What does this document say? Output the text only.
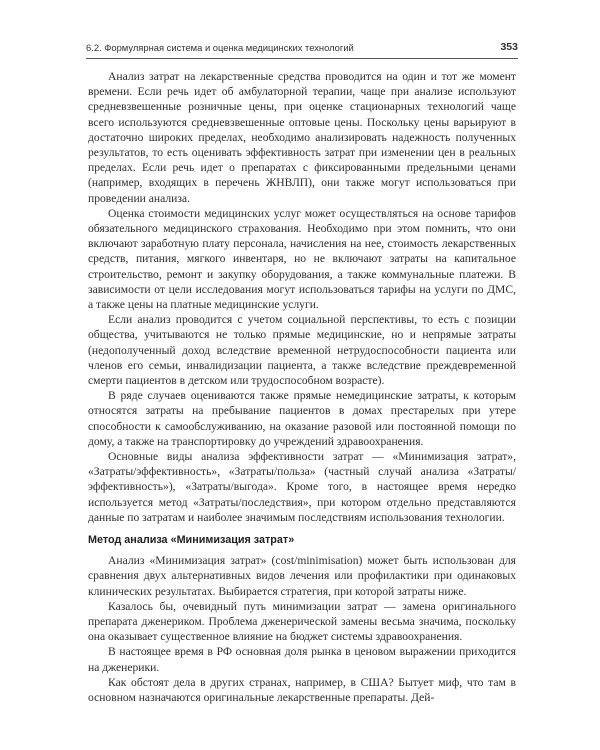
6.2. Формулярная система и оценка медицинских технологий	353

Анализ затрат на лекарственные средства проводится на один и тот же момент времени. Если речь идет об амбулаторной терапии, чаще при анализе используют средневзвешенные розничные цены, при оценке стационарных технологий чаще всего используются средневзвешенные оптовые цены. Поскольку цены варьируют в достаточно широких пределах, необходимо анализировать надежность полученных результатов, то есть оценивать эффективность затрат при изменении цен в реальных пределах. Если речь идет о препаратах с фиксированными предельными ценами (например, входящих в перечень ЖНВЛП), они также могут использоваться при проведении анализа.

Оценка стоимости медицинских услуг может осуществляться на основе тарифов обязательного медицинского страхования. Необходимо при этом помнить, что они включают заработную плату персонала, начисления на нее, стоимость лекарственных средств, питания, мягкого инвентаря, но не включают затраты на капитальное строительство, ремонт и закупку оборудования, а также коммунальные платежи. В зависимости от цели исследования могут использоваться тарифы на услуги по ДМС, а также цены на платные медицинские услуги.

Если анализ проводится с учетом социальной перспективы, то есть с позиции общества, учитываются не только прямые медицинские, но и непрямые затраты (недополученный доход вследствие временной нетрудоспособности пациента или членов его семьи, инвалидизации пациента, а также вследствие преждевременной смерти пациентов в детском или трудоспособном возрасте).

В ряде случаев оцениваются также прямые немедицинские затраты, к которым относятся затраты на пребывание пациентов в домах престарелых при утере способности к самообслуживанию, на оказание разовой или постоянной помощи по дому, а также на транспортировку до учреждений здравоохранения.

Основные виды анализа эффективности затрат — «Минимизация затрат», «Затраты/эффективность», «Затраты/польза» (частный случай анализа «Затраты/эффективность»), «Затраты/выгода». Кроме того, в настоящее время нередко используется метод «Затраты/последствия», при котором отдельно представляются данные по затратам и наиболее значимым последствиям использования технологии.

Метод анализа «Минимизация затрат»

Анализ «Минимизация затрат» (cost/minimisation) может быть использован для сравнения двух альтернативных видов лечения или профилактики при одинаковых клинических результатах. Выбирается стратегия, при которой затраты ниже.

Казалось бы, очевидный путь минимизации затрат — замена оригинального препарата дженериком. Проблема дженерической замены весьма значима, поскольку она оказывает существенное влияние на бюджет системы здравоохранения.

В настоящее время в РФ основная доля рынка в ценовом выражении приходится на дженерики.

Как обстоят дела в других странах, например, в США? Бытует миф, что там в основном назначаются оригинальные лекарственные препараты. Дей-
